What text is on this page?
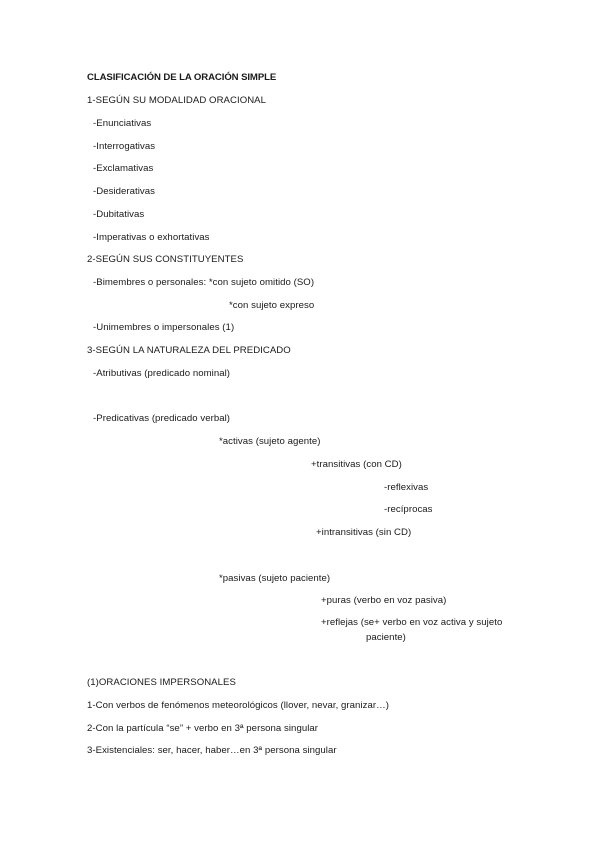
CLASIFICACIÓN DE LA ORACIÓN SIMPLE
1-SEGÚN SU MODALIDAD ORACIONAL
-Enunciativas
-Interrogativas
-Exclamativas
-Desiderativas
-Dubitativas
-Imperativas o exhortativas
2-SEGÚN SUS CONSTITUYENTES
-Bimembres o personales: *con sujeto omitido (SO)
*con sujeto expreso
-Unimembres o impersonales (1)
3-SEGÚN LA NATURALEZA DEL PREDICADO
-Atributivas (predicado nominal)
-Predicativas (predicado verbal)
*activas (sujeto agente)
+transitivas (con CD)
-reflexivas
-recíprocas
+intransitivas (sin CD)
*pasivas (sujeto paciente)
+puras (verbo en voz pasiva)
+reflejas (se+ verbo en voz activa y sujeto
paciente)
(1)ORACIONES IMPERSONALES
1-Con verbos de fenómenos meteorológicos (llover, nevar, granizar…)
2-Con la partícula “se” + verbo en 3ª persona singular
3-Existenciales: ser, hacer, haber…en 3ª persona singular
